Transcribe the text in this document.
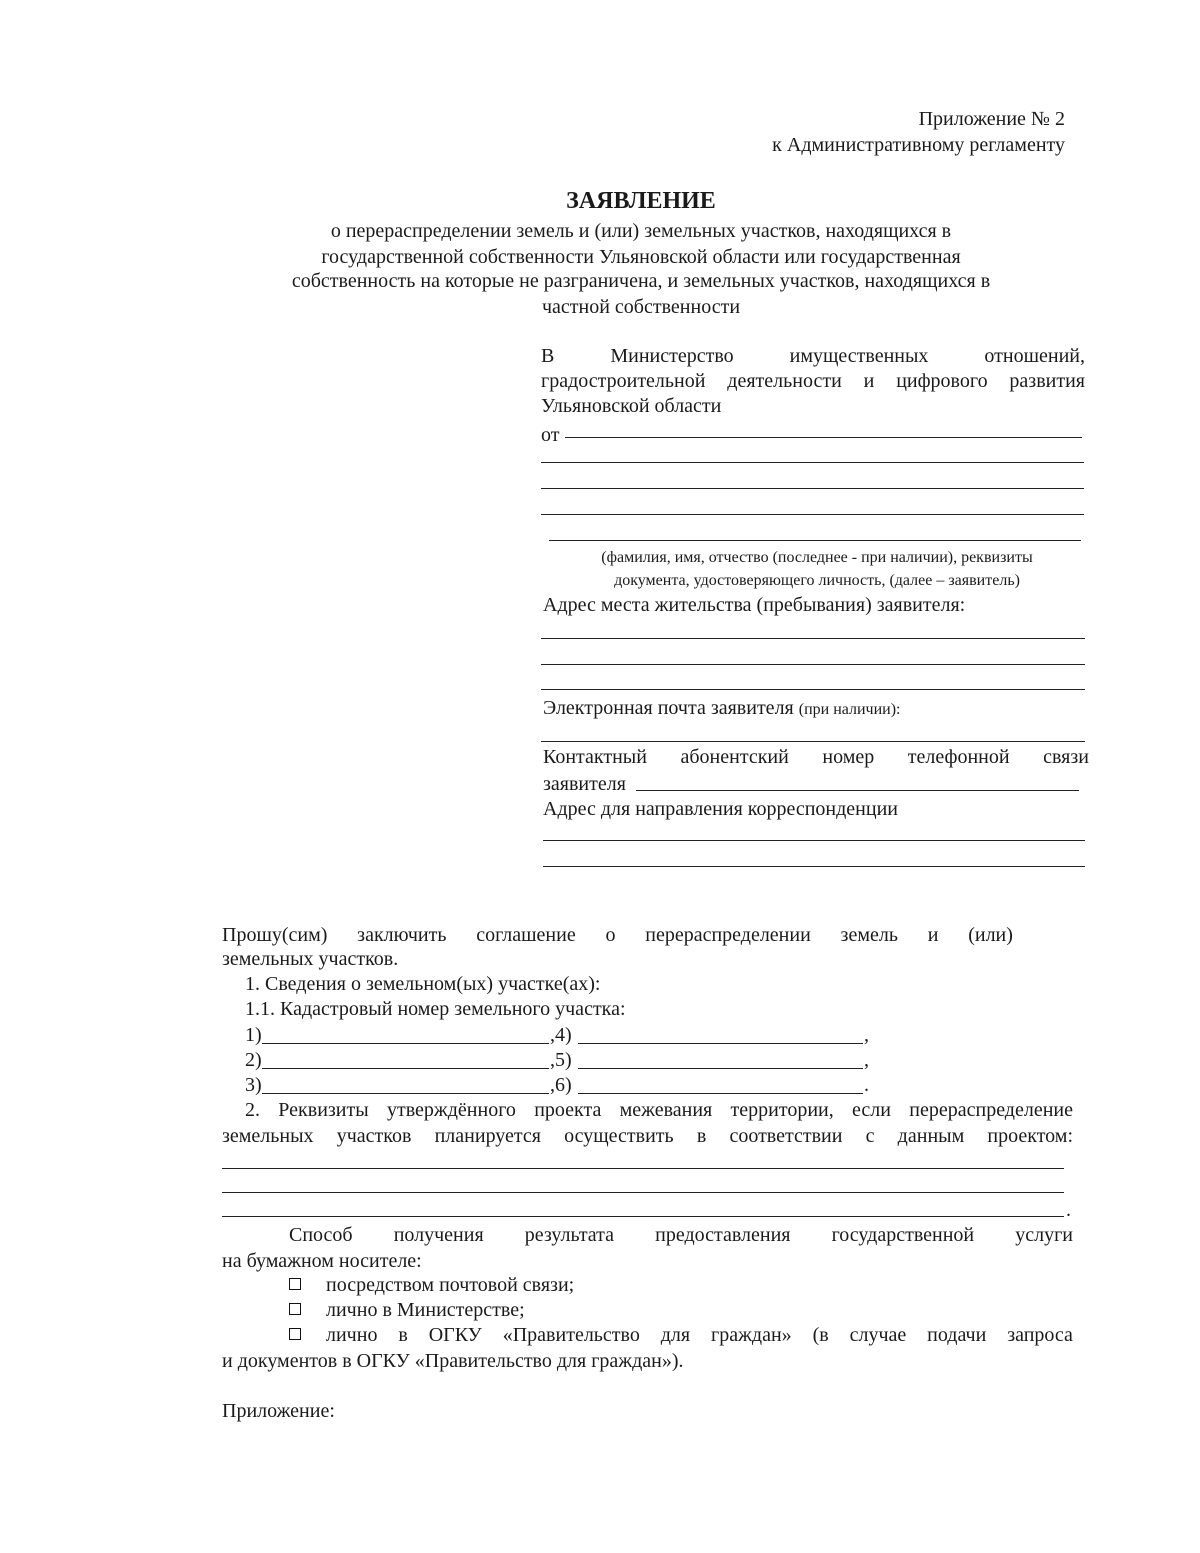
Приложение № 2
к Административному регламенту
ЗАЯВЛЕНИЕ
о перераспределении земель и (или) земельных участков, находящихся в
государственной собственности Ульяновской области или государственная
собственность на которые не разграничена, и земельных участков, находящихся в
частной собственности
В	Министерство	имущественных	отношений,
градостроительной деятельности и цифрового развития
Ульяновской области
от
(фамилия, имя, отчество (последнее - при наличии), реквизиты
документа, удостоверяющего личность, (далее – заявитель)
Адрес места жительства (пребывания) заявителя:
Электронная почта заявителя (при наличии):
Контактный абонентский номер телефонной связи
заявителя
Адрес для направления корреспонденции
Прошу(сим) заключить соглашение о перераспределении земель и (или)
земельных участков.
1. Сведения о земельном(ых) участке(ах):
1.1. Кадастровый номер земельного участка:
1)	,4)	,
2)	,5)	,
3)	,6)	.
2. Реквизиты утверждённого проекта межевания территории, если перераспределение
земельных участков планируется осуществить в соответствии с данным проектом:
.
Способ получения результата предоставления государственной услуги
на бумажном носителе:
посредством почтовой связи;
лично в Министерстве;
лично в ОГКУ «Правительство для граждан» (в случае подачи запроса
и документов в ОГКУ «Правительство для граждан»).
Приложение:
